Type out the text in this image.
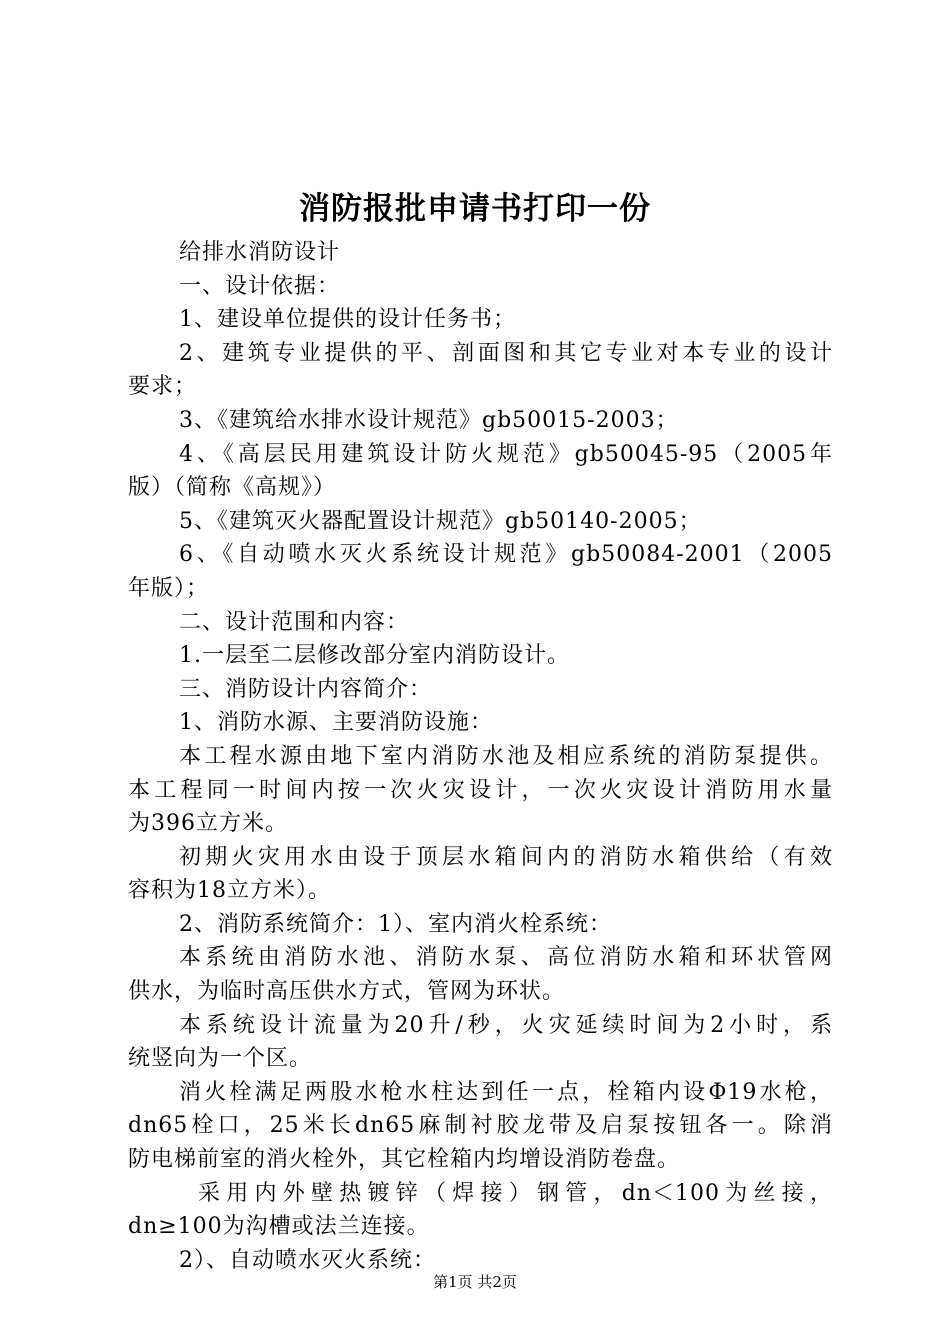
消防报批申请书打印一份
给排水消防设计
一、设计依据：
1、建设单位提供的设计任务书；
2、建筑专业提供的平、剖面图和其它专业对本专业的设计
要求；
3、《建筑给水排水设计规范》gb50015-2003；
4、《高层民用建筑设计防火规范》gb50045-95（2005年
版）（简称《高规》）
5、《建筑灭火器配置设计规范》gb50140-2005；
6、《自动喷水灭火系统设计规范》gb50084-2001（2005
年版）；
二、设计范围和内容：
1.一层至二层修改部分室内消防设计。
三、消防设计内容简介：
1、消防水源、主要消防设施：
本工程水源由地下室内消防水池及相应系统的消防泵提供。
本工程同一时间内按一次火灾设计，一次火灾设计消防用水量
为396立方米。
初期火灾用水由设于顶层水箱间内的消防水箱供给（有效
容积为18立方米）。
2、消防系统简介：1）、室内消火栓系统：
本系统由消防水池、消防水泵、高位消防水箱和环状管网
供水，为临时高压供水方式，管网为环状。
本系统设计流量为20升/秒，火灾延续时间为2小时，系
统竖向为一个区。
消火栓满足两股水枪水柱达到任一点，栓箱内设Φ19水枪，
dn65栓口，25米长dn65麻制衬胶龙带及启泵按钮各一。除消
防电梯前室的消火栓外，其它栓箱内均增设消防卷盘。
采用内外壁热镀锌（焊接）钢管，dn＜100为丝接，
dn≥100为沟槽或法兰连接。
2）、自动喷水灭火系统：
第1页 共2页
